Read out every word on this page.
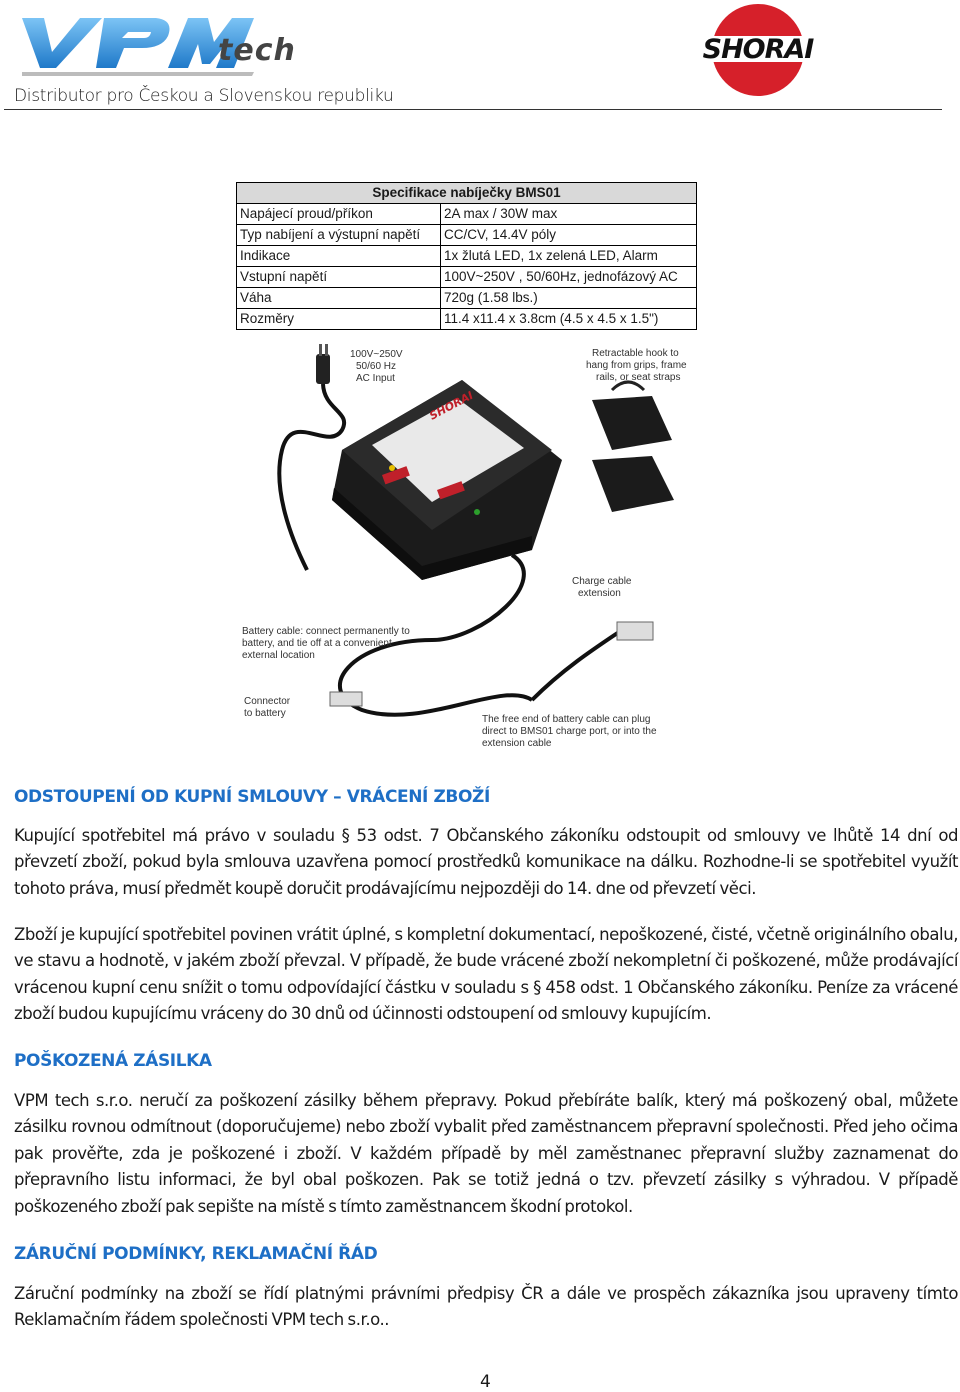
tech	SHORAI
Distributor pro Českou a Slovenskou republiku
Specifikace nabíječky BMS01	
Napájecí proud/příkon	2A max / 30W max
Typ nabíjení a výstupní napětí	CC/CV, 14.4V póly
Indikace	1x žlutá LED, 1x zelená LED, Alarm
Vstupní napětí	100V~250V , 50/60Hz, jednofázový AC
Váha	720g (1.58 lbs.)
Rozměry	11.4 x11.4 x 3.8cm (4.5 x 4.5 x 1.5")
SHORAI
100V~250V 50/60 Hz AC Input
Retractable hook to hang from grips, frame rails, or seat straps
Charge cable extension
Battery cable: connect permanently to battery, and tie off at a convenient external location
Connector to battery
The free end of battery cable can plug direct to BMS01 charge port, or into the extension cable
ODSTOUPENÍ OD KUPNÍ SMLOUVY – VRÁCENÍ ZBOŽÍ
Kupující spotřebitel má právo v souladu § 53 odst. 7 Občanského zákoníku odstoupit od smlouvy ve lhůtě 14 dní od převzetí zboží, pokud byla smlouva uzavřena pomocí prostředků komunikace na dálku. Rozhodne-li se spotřebitel využít tohoto práva, musí předmět koupě doručit prodávajícímu nejpozději do 14. dne od převzetí věci.
Zboží je kupující spotřebitel povinen vrátit úplné, s kompletní dokumentací, nepoškozené, čisté, včetně originálního obalu, ve stavu a hodnotě, v jakém zboží převzal. V případě, že bude vrácené zboží nekompletní či poškozené, může prodávající vrácenou kupní cenu snížit o tomu odpovídající částku v souladu s § 458 odst. 1 Občanského zákoníku. Peníze za vrácené zboží budou kupujícímu vráceny do 30 dnů od účinnosti odstoupení od smlouvy kupujícím.
POŠKOZENÁ ZÁSILKA
VPM tech s.r.o. neručí za poškození zásilky během přepravy. Pokud přebíráte balík, který má poškozený obal, můžete zásilku rovnou odmítnout (doporučujeme) nebo zboží vybalit před zaměstnancem přepravní společnosti. Před jeho očima pak prověřte, zda je poškozené i zboží. V každém případě by měl zaměstnanec přepravní služby zaznamenat do přepravního listu informaci, že byl obal poškozen. Pak se totiž jedná o tzv. převzetí zásilky s výhradou. V případě poškozeného zboží pak sepište na místě s tímto zaměstnancem škodní protokol.
ZÁRUČNÍ PODMÍNKY, REKLAMAČNÍ ŘÁD
Záruční podmínky na zboží se řídí platnými právními předpisy ČR a dále ve prospěch zákazníka jsou upraveny tímto Reklamačním řádem společnosti VPM tech s.r.o..
4
